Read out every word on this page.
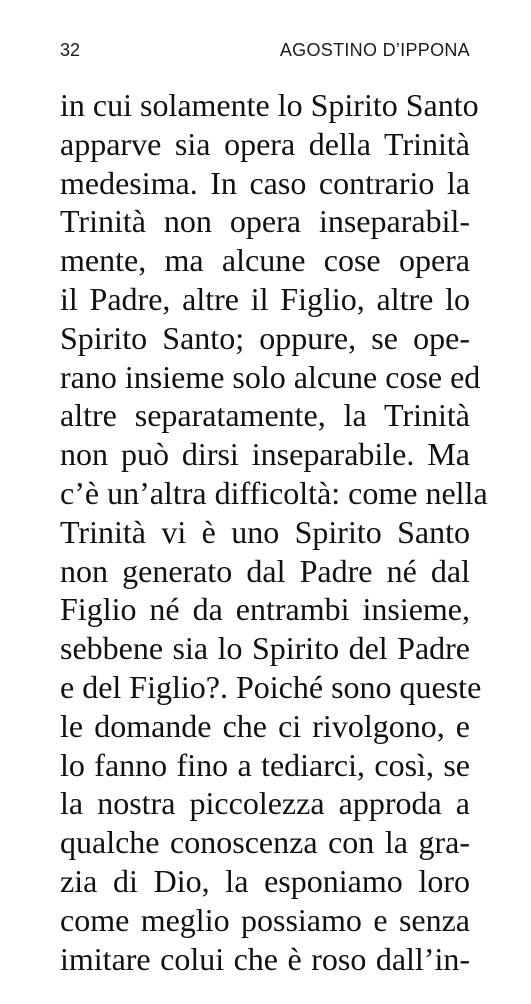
32	AGOSTINO D’IPPONA
in cui solamente lo Spirito Santo
apparve sia opera della Trinità
medesima. In caso contrario la
Trinità non opera inseparabil-
mente, ma alcune cose opera
il Padre, altre il Figlio, altre lo
Spirito Santo; oppure, se ope-
rano insieme solo alcune cose ed
altre separatamente, la Trinità
non può dirsi inseparabile. Ma
c’è un’altra difficoltà: come nella
Trinità vi è uno Spirito Santo
non generato dal Padre né dal
Figlio né da entrambi insieme,
sebbene sia lo Spirito del Padre
e del Figlio?. Poiché sono queste
le domande che ci rivolgono, e
lo fanno fino a tediarci, così, se
la nostra piccolezza approda a
qualche conoscenza con la gra-
zia di Dio, la esponiamo loro
come meglio possiamo e senza
imitare colui che è roso dall’in-
